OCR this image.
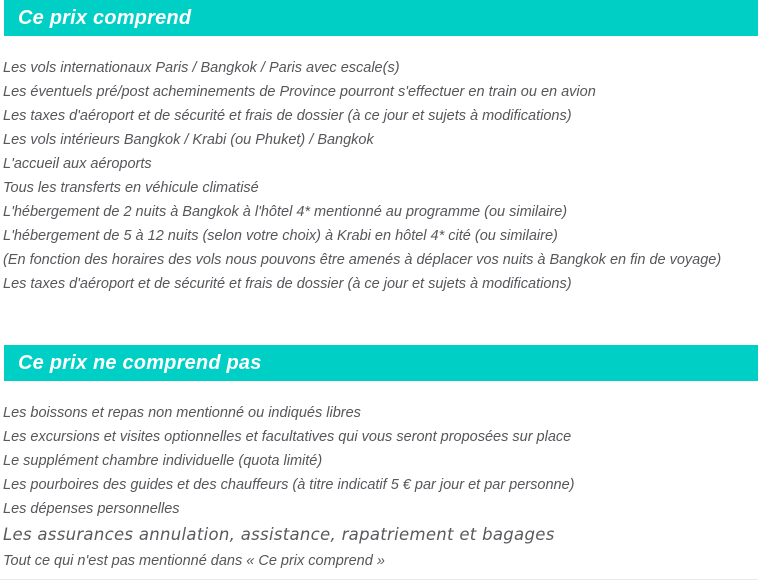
Ce prix comprend

Les vols internationaux Paris / Bangkok / Paris avec escale(s)

Les éventuels pré/post acheminements de Province pourront s'effectuer en train ou en avion

Les taxes d'aéroport et de sécurité et frais de dossier (à ce jour et sujets à modifications)

Les vols intérieurs Bangkok / Krabi (ou Phuket) / Bangkok

L'accueil aux aéroports

Tous les transferts en véhicule climatisé

L'hébergement de 2 nuits à Bangkok à l'hôtel 4* mentionné au programme (ou similaire)

L'hébergement de 5 à 12 nuits (selon votre choix) à Krabi en hôtel 4* cité (ou similaire)

(En fonction des horaires des vols nous pouvons être amenés à déplacer vos nuits à Bangkok en fin de voyage)

Les taxes d'aéroport et de sécurité et frais de dossier (à ce jour et sujets à modifications)

Ce prix ne comprend pas

Les boissons et repas non mentionné ou indiqués libres

Les excursions et visites optionnelles et facultatives qui vous seront proposées sur place

Le supplément chambre individuelle (quota limité)

Les pourboires des guides et des chauffeurs (à titre indicatif 5 € par jour et par personne)

Les dépenses personnelles

Les assurances annulation, assistance, rapatriement et bagages

Tout ce qui n'est pas mentionné dans « Ce prix comprend »
